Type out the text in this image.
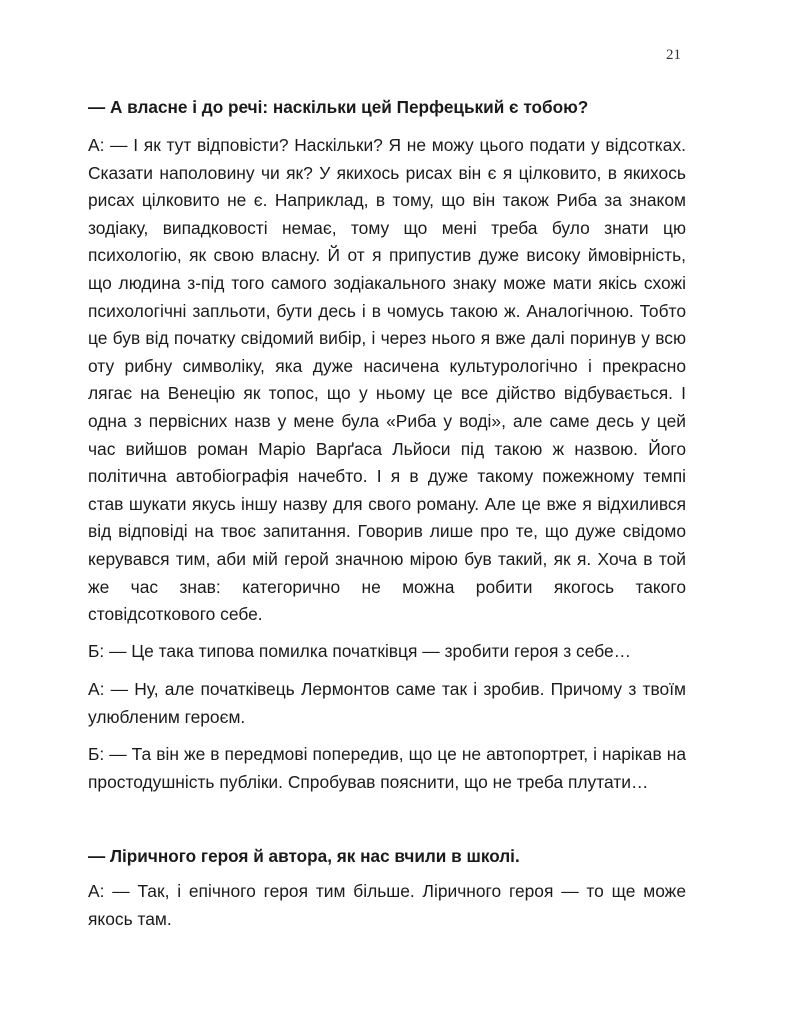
21

— А власне і до речі: наскільки цей Перфецький є тобою?

А: — І як тут відповісти? Наскільки? Я не можу цього подати у відсотках. Сказати наполовину чи як? У якихось рисах він є я цілковито, в якихось рисах цілковито не є. Наприклад, в тому, що він також Риба за знаком зодіаку, випадковості немає, тому що мені треба було знати цю психологію, як свою власну. Й от я припустив дуже високу ймовірність, що людина з-під того самого зодіакального знаку може мати якісь схожі психологічні запльоти, бути десь і в чомусь такою ж. Аналогічною. Тобто це був від початку свідомий вибір, і через нього я вже далі поринув у всю оту рибну символіку, яка дуже насичена культурологічно і прекрасно лягає на Венецію як топос, що у ньому це все дійство відбувається. І одна з первісних назв у мене була «Риба у воді», але саме десь у цей час вийшов роман Маріо Варґаса Льйоси під такою ж назвою. Його політична автобіографія начебто. І я в дуже такому пожежному темпі став шукати якусь іншу назву для свого роману. Але це вже я відхилився від відповіді на твоє запитання. Говорив лише про те, що дуже свідомо керувався тим, аби мій герой значною мірою був такий, як я. Хоча в той же час знав: категорично не можна робити якогось такого стовідсоткового себе.

Б: — Це така типова помилка початківця — зробити героя з себе…

А: — Ну, але початківець Лермонтов саме так і зробив. Причому з твоїм улюбленим героєм.

Б: — Та він же в передмові попередив, що це не автопортрет, і нарікав на простодушність публіки. Спробував пояснити, що не треба плутати…

— Ліричного героя й автора, як нас вчили в школі.

А: — Так, і епічного героя тим більше. Ліричного героя — то ще може якось там.
